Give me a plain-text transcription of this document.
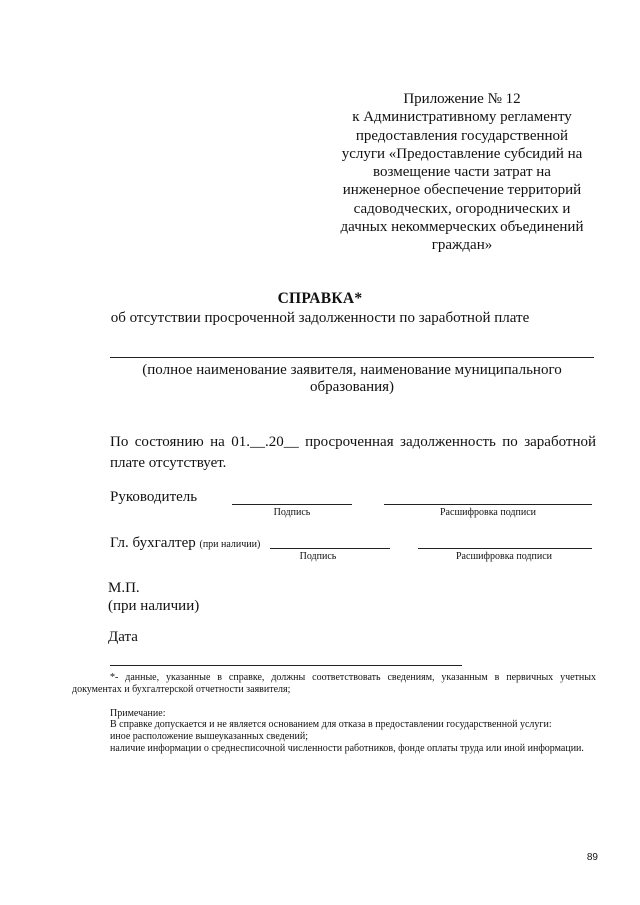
Приложение № 12
к Административному регламенту
предоставления государственной
услуги «Предоставление субсидий на
возмещение части затрат на
инженерное обеспечение территорий
садоводческих, огороднических и
дачных некоммерческих объединений
граждан»
СПРАВКА*
об отсутствии просроченной задолженности по заработной плате
(полное наименование заявителя, наименование муниципального образования)
По состоянию на 01.__.20__ просроченная задолженность по заработной плате отсутствует.
Руководитель
Подпись	Расшифровка подписи
Гл. бухгалтер (при наличии)
Подпись	Расшифровка подписи
М.П.
(при наличии)
Дата
*- данные, указанные в справке, должны соответствовать сведениям, указанным в первичных учетных документах и бухгалтерской отчетности заявителя;
Примечание:
В справке допускается и не является основанием для отказа в предоставлении государственной услуги:
иное расположение вышеуказанных сведений;
наличие информации о среднесписочной численности работников, фонде оплаты труда или иной информации.
89
